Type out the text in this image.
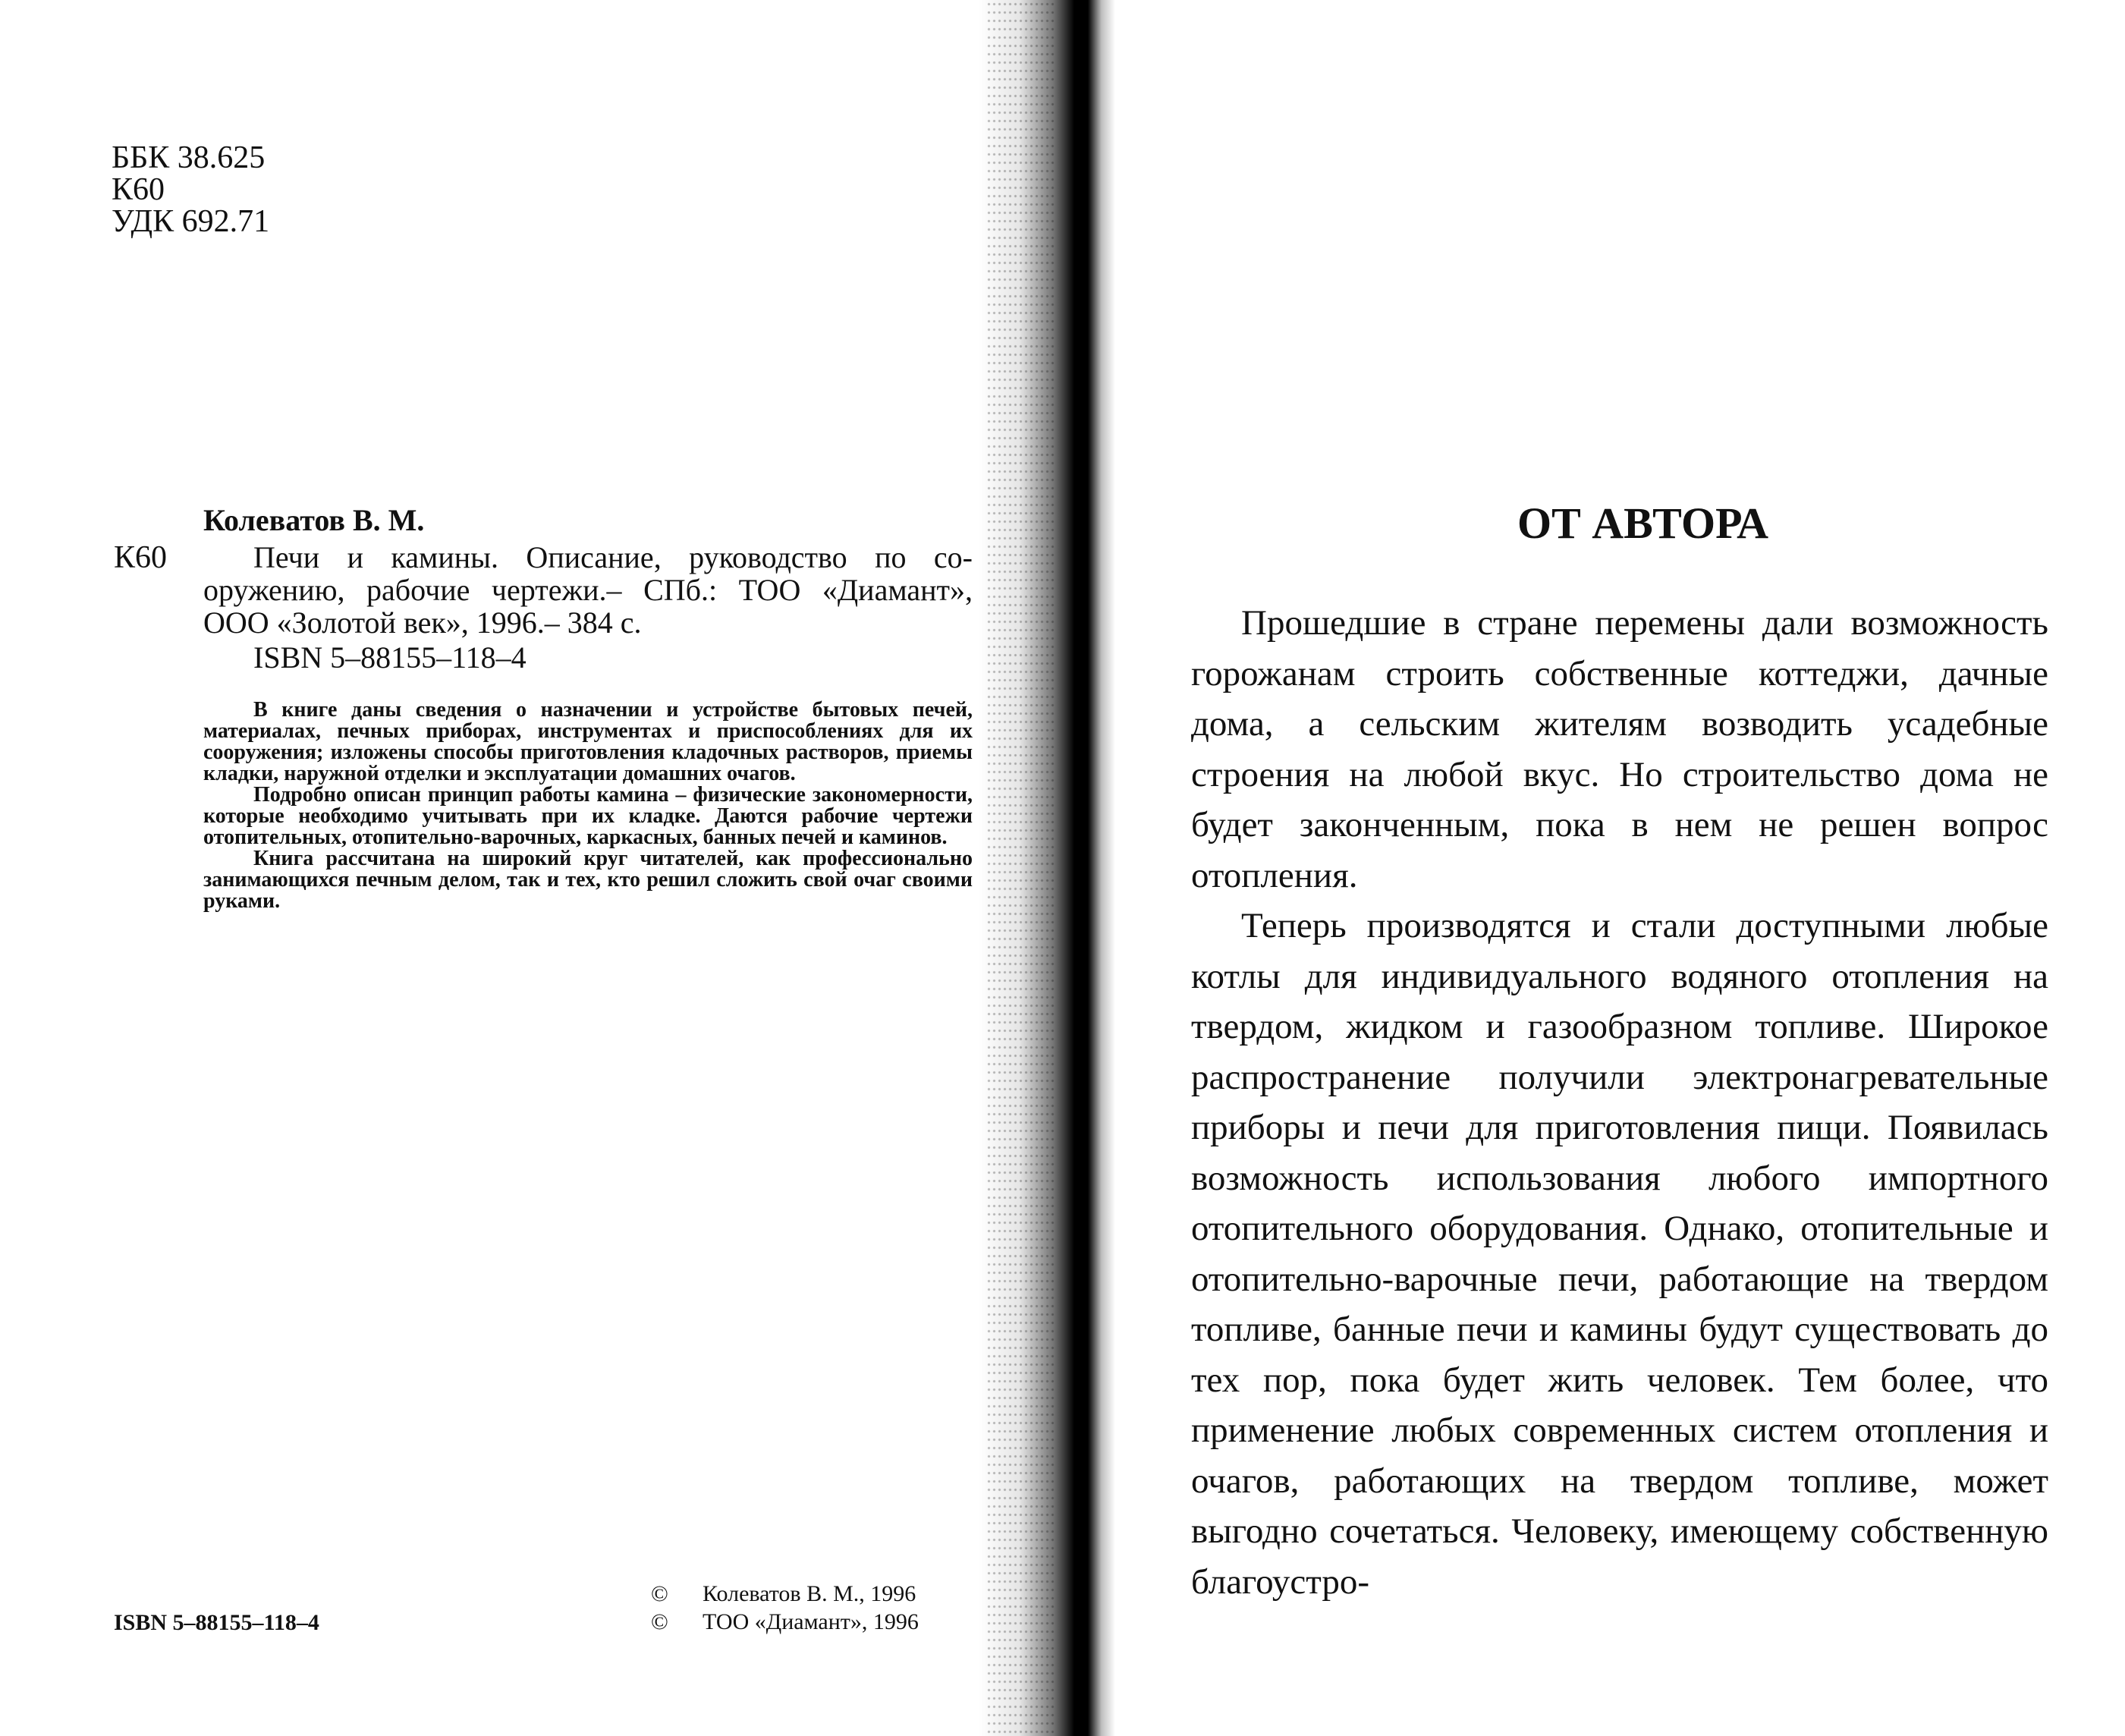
ББК 38.625
К60
УДК 692.71
К60
Колеватов В. М.
Печи и камины. Описание, руководство по сооружению, рабочие чертежи.– СПб.: ТОО «Диамант», ООО «Золотой век», 1996.– 384 с.
ISBN 5–88155–118–4

В книге даны сведения о назначении и устройстве бытовых печей, материалах, печных приборах, инструментах и приспособлениях для их сооружения; изложены способы приготовления кладочных растворов, приемы кладки, наружной отделки и эксплуатации домашних очагов.

Подробно описан принцип работы камина – физические закономерности, которые необходимо учитывать при их кладке. Даются рабочие чертежи отопительных, отопительно-варочных, каркасных, банных печей и каминов.

Книга рассчитана на широкий круг читателей, как профессионально занимающихся печным делом, так и тех, кто решил сложить свой очаг своими руками.

ISBN 5–88155–118–4
© Колеватов В. М., 1996
© ТОО «Диамант», 1996
ОТ АВТОРА

Прошедшие в стране перемены дали возможность горожанам строить собственные коттеджи, дачные дома, а сельским жителям возводить усадебные строения на любой вкус. Но строительство дома не будет законченным, пока в нем не решен вопрос отопления.

Теперь производятся и стали доступными любые котлы для индивидуального водяного отопления на твердом, жидком и газообразном топливе. Широкое распространение получили электронагревательные приборы и печи для приготовления пищи. Появилась возможность использования любого импортного отопительного оборудования. Однако, отопительные и отопительно-варочные печи, работающие на твердом топливе, банные печи и камины будут существовать до тех пор, пока будет жить человек. Тем более, что применение любых современных систем отопления и очагов, работающих на твердом топливе, может выгодно сочетаться. Человеку, имеющему собственную благоустро-
